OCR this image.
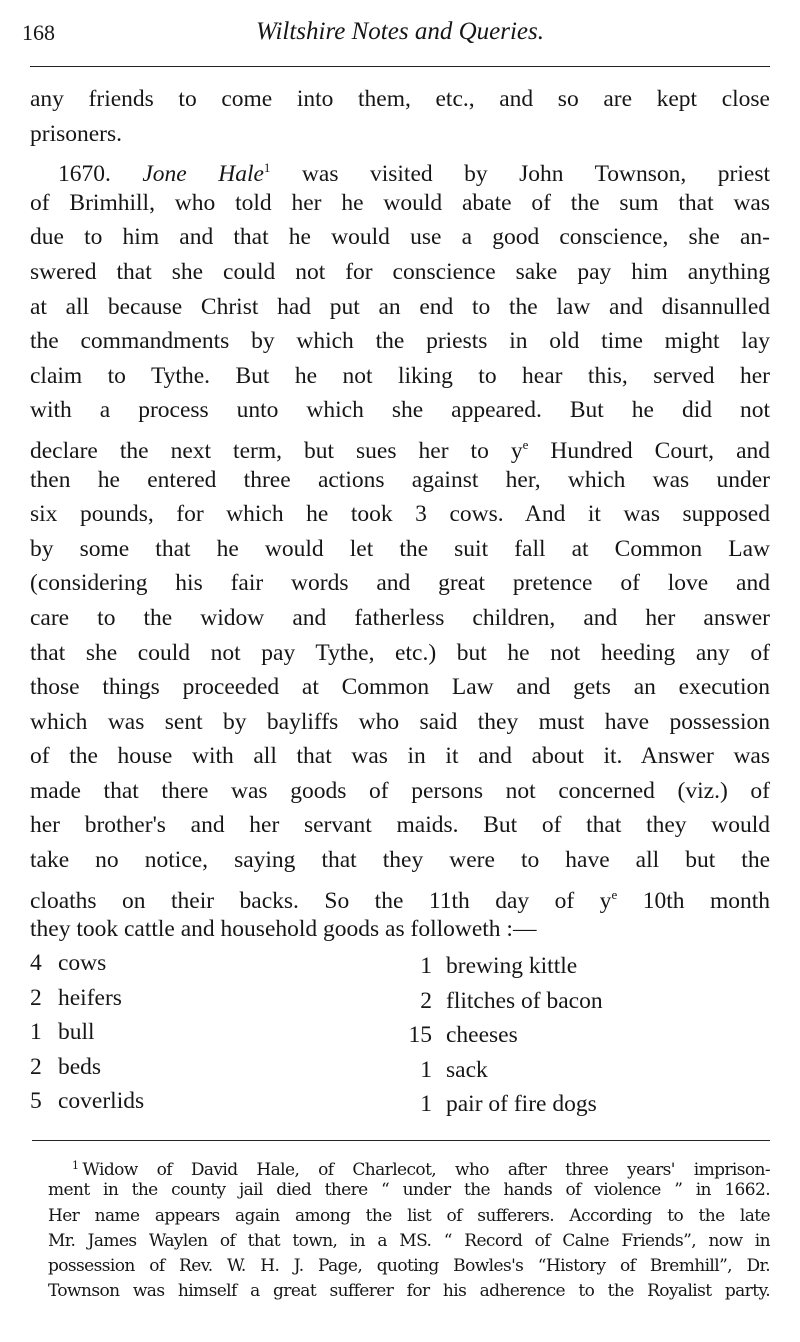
168	Wiltshire Notes and Queries.
any friends to come into them, etc., and so are kept close
prisoners.
1670. Jone Hale$^1$ was visited by John Townson, priest
of Brimhill, who told her he would abate of the sum that was
due to him and that he would use a good conscience, she an-
swered that she could not for conscience sake pay him anything
at all because Christ had put an end to the law and disannulled
the commandments by which the priests in old time might lay
claim to Tythe. But he not liking to hear this, served her
with a process unto which she appeared. But he did not
declare the next term, but sues her to $y^e$ Hundred Court, and
then he entered three actions against her, which was under
six pounds, for which he took 3 cows. And it was supposed
by some that he would let the suit fall at Common Law
(considering his fair words and great pretence of love and
care to the widow and fatherless children, and her answer
that she could not pay Tythe, etc.) but he not heeding any of
those things proceeded at Common Law and gets an execution
which was sent by bayliffs who said they must have possession
of the house with all that was in it and about it. Answer was
made that there was goods of persons not concerned (viz.) of
her brother's and her servant maids. But of that they would
take no notice, saying that they were to have all but the
cloaths on their backs. So the 11th day of $y^e$ 10th month
they took cattle and household goods as followeth :—
4 cows
2 heifers
1 bull
2 beds
5 coverlids
1 brewing kittle
2 flitches of bacon
15 cheeses
1 sack
1 pair of fire dogs
$^1$ Widow of David Hale, of Charlecot, who after three years' imprison-
ment in the county jail died there “ under the hands of violence ” in 1662.
Her name appears again among the list of sufferers. According to the late
Mr. James Waylen of that town, in a MS. “ Record of Calne Friends”, now in
possession of Rev. W. H. J. Page, quoting Bowles's “History of Bremhill”, Dr.
Townson was himself a great sufferer for his adherence to the Royalist party.
